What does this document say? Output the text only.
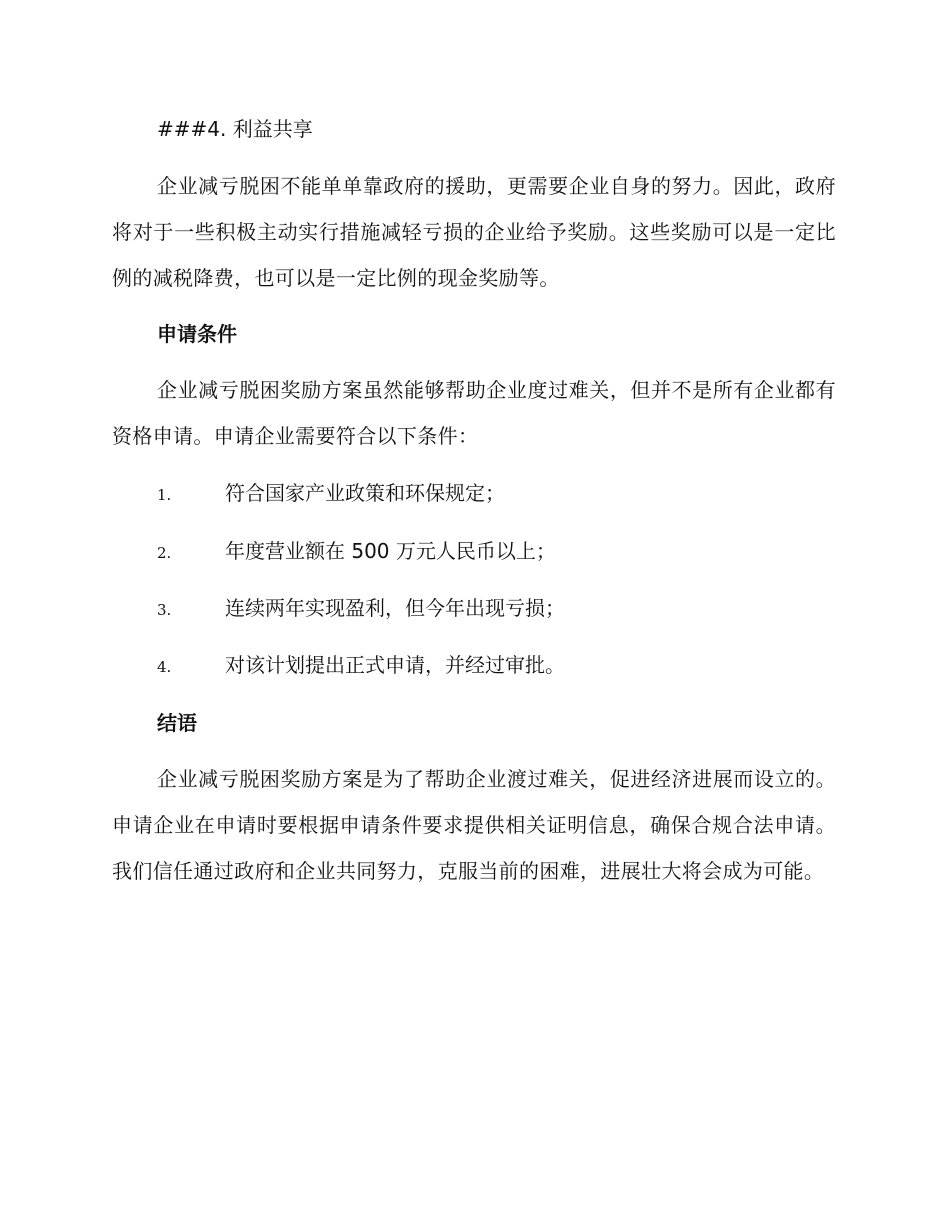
###4. 利益共享

企业减亏脱困不能单单靠政府的援助，更需要企业自身的努力。因此，政府将对于一些积极主动实行措施减轻亏损的企业给予奖励。这些奖励可以是一定比例的减税降费，也可以是一定比例的现金奖励等。

申请条件

企业减亏脱困奖励方案虽然能够帮助企业度过难关，但并不是所有企业都有资格申请。申请企业需要符合以下条件：

1.	符合国家产业政策和环保规定；
2.	年度营业额在 500 万元人民币以上；
3.	连续两年实现盈利，但今年出现亏损；
4.	对该计划提出正式申请，并经过审批。
结语

企业减亏脱困奖励方案是为了帮助企业渡过难关，促进经济进展而设立的。申请企业在申请时要根据申请条件要求提供相关证明信息，确保合规合法申请。我们信任通过政府和企业共同努力，克服当前的困难，进展壮大将会成为可能。
